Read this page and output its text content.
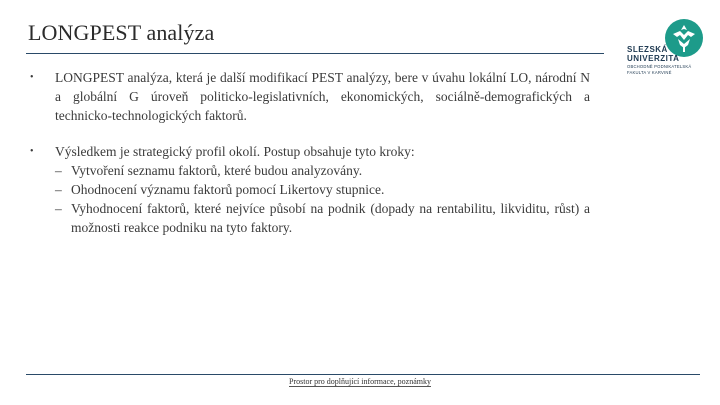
LONGPEST analýza
SLEZSKÁ
UNIVERZITA
OBCHODNĚ PODNIKATELSKÁ
FAKULTA V KARVINÉ
•	LONGPEST analýza, která je další modifikací PEST analýzy, bere v úvahu lokální LO, národní N a globální G úroveň politicko-legislativních, ekonomických, sociálně-demografických a technicko-technologických faktorů.
•	Výsledkem je strategický profil okolí. Postup obsahuje tyto kroky:
– Vytvoření seznamu faktorů, které budou analyzovány.
– Ohodnocení významu faktorů pomocí Likertovy stupnice.
– Vyhodnocení faktorů, které nejvíce působí na podnik (dopady na rentabilitu, likviditu, růst) a možnosti reakce podniku na tyto faktory.
Prostor pro doplňující informace, poznámky
